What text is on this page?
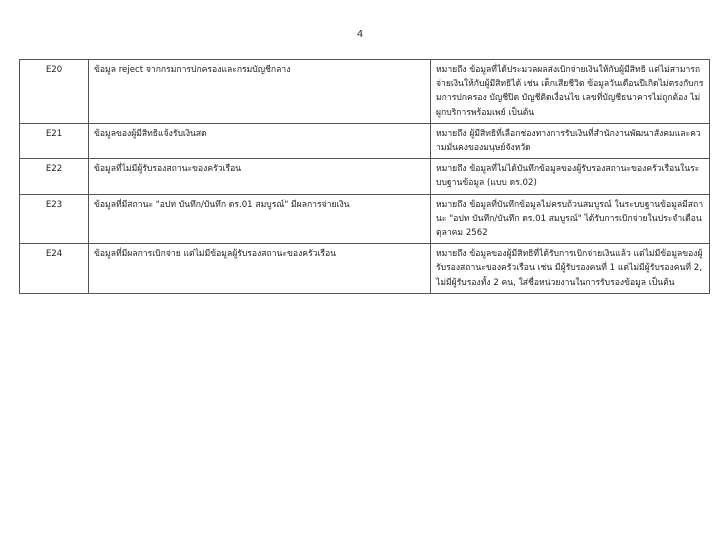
4
E20	ข้อมูล reject จากกรมการปกครองและกรมบัญชีกลาง	หมายถึง ข้อมูลที่ได้ประมวลผลส่งเบิกจ่ายเงินให้กับผู้มีสิทธิ แต่ไม่สามารถจ่ายเงินให้กับผู้มีสิทธิได้ เช่น เด็กเสียชีวิต ข้อมูลวันเดือนปีเกิดไม่ตรงกับกรมการปกครอง บัญชีปิด บัญชีติดเงื่อนไข เลขที่บัญชีธนาคารไม่ถูกต้อง ไม่ผูกบริการพร้อมเพย์ เป็นต้น
E21	ข้อมูลของผู้มีสิทธิแจ้งรับเงินสด	หมายถึง ผู้มีสิทธิที่เลือกช่องทางการรับเงินที่สำนักงานพัฒนาสังคมและความมั่นคงของมนุษย์จังหวัด
E22	ข้อมูลที่ไม่มีผู้รับรองสถานะของครัวเรือน	หมายถึง ข้อมูลที่ไม่ได้บันทึกข้อมูลของผู้รับรองสถานะของครัวเรือนในระบบฐานข้อมูล (แบบ ดร.02)
E23	ข้อมูลที่มีสถานะ "อปท บันทึก/บันทึก ดร.01 สมบูรณ์" มีผลการจ่ายเงิน	หมายถึง ข้อมูลที่บันทึกข้อมูลไม่ครบถ้วนสมบูรณ์ ในระบบฐานข้อมูลมีสถานะ "อปท บันทึก/บันทึก ดร.01 สมบูรณ์" ได้รับการเบิกจ่ายในประจำเดือนตุลาคม 2562
E24	ข้อมูลที่มีผลการเบิกจ่าย แต่ไม่มีข้อมูลผู้รับรองสถานะของครัวเรือน	หมายถึง ข้อมูลของผู้มีสิทธิที่ได้รับการเบิกจ่ายเงินแล้ว แต่ไม่มีข้อมูลของผู้รับรองสถานะของครัวเรือน เช่น มีผู้รับรองคนที่ 1 แต่ไม่มีผู้รับรองคนที่ 2, ไม่มีผู้รับรองทั้ง 2 คน, ใส่ชื่อหน่วยงานในการรับรองข้อมูล เป็นต้น
